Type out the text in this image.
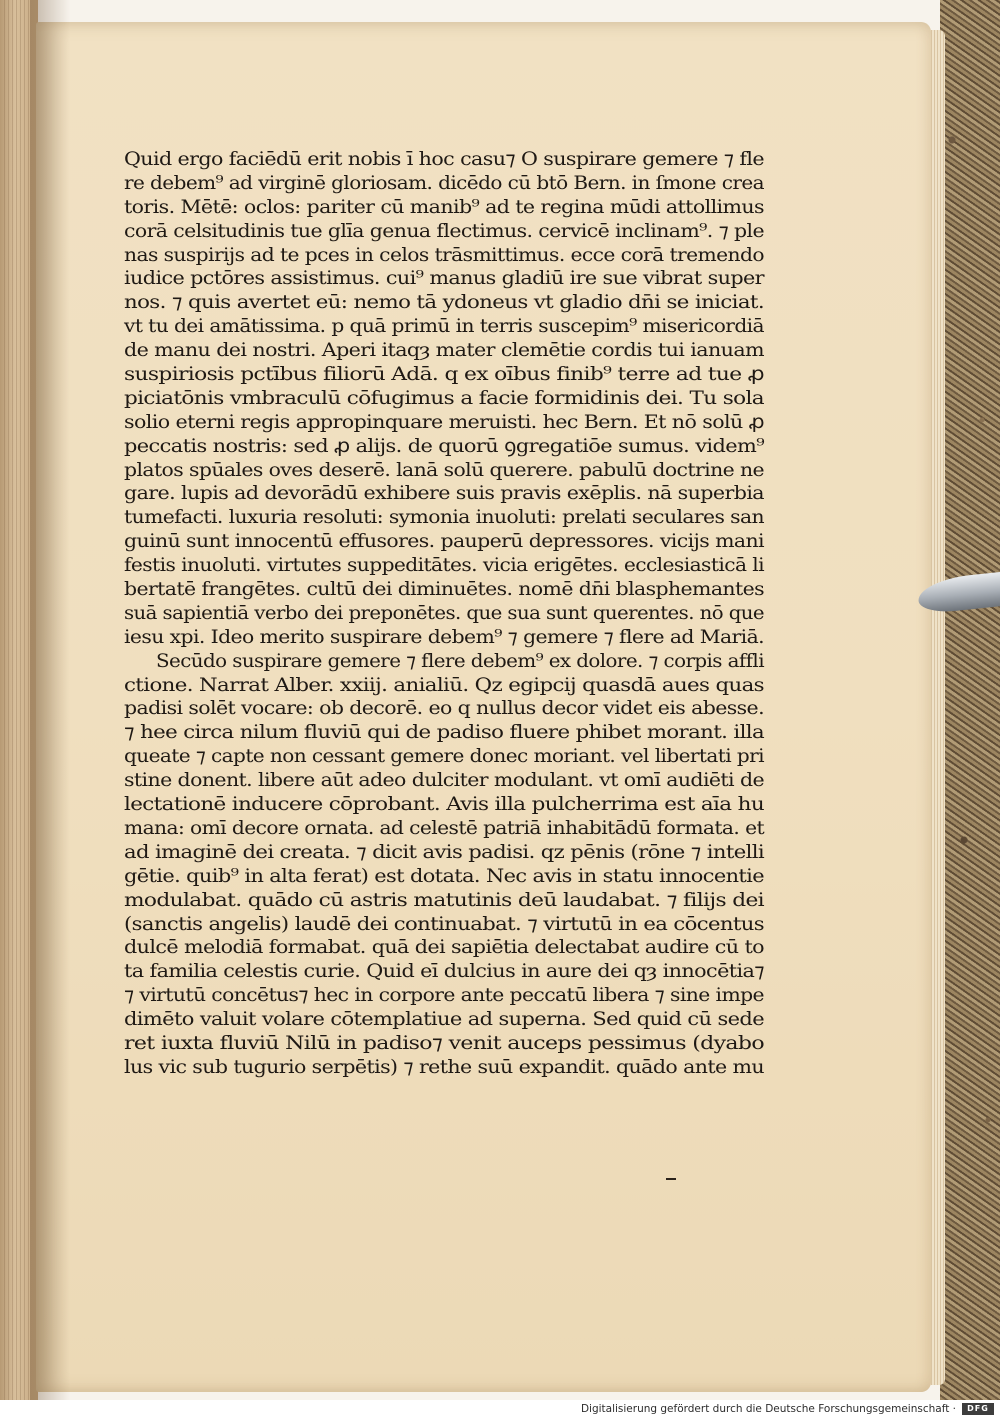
Quid ergo faciēdū erit nobis ī hoc casu⁊ O suspirare gemere ⁊ fle
re debem⁹ ad virginē gloriosam. dicēdo cū btō Bern. in ſmone crea
toris. Mētē: oclos: pariter cū manib⁹ ad te regina mūdi attollimus
corā celsitudinis tue glīa genua flectimus. cervicē inclinam⁹. ⁊ ple
nas suspirijs ad te pces in celos trāsmittimus. ecce corā tremendo
iudice pctōres assistimus. cui⁹ manus gladiū ire sue vibrat super
nos. ⁊ quis avertet eū: nemo tā ydoneus vt gladio dn̄i se iniciat.
vt tu dei amātissima. p quā primū in terris suscepim⁹ misericordiā
de manu dei nostri. Aperi itaqȝ mater clemētie cordis tui ianuam
suspiriosis pctībus filiorū Adā. q ex oībus finib⁹ terre ad tue ꝓ
piciatōnis vmbraculū cōfugimus a facie formidinis dei. Tu sola
solio eterni regis appropinquare meruisti. hec Bern. Et nō solū ꝓ
peccatis nostris: sed ꝓ alijs. de quorū ꝯgregatiōe sumus. videm⁹
platos spūales oves deserē. lanā solū querere. pabulū doctrine ne
gare. lupis ad devorādū exhibere suis pravis exēplis. nā superbia
tumefacti. luxuria resoluti: symonia inuoluti: prelati seculares san
guinū sunt innocentū effusores. pauperū depressores. vicijs mani
festis inuoluti. virtutes suppeditātes. vicia erigētes. ecclesiasticā li
bertatē frangētes. cultū dei diminuētes. nomē dn̄i blasphemantes
suā sapientiā verbo dei preponētes. que sua sunt querentes. nō que
iesu xpi. Ideo merito suspirare debem⁹ ⁊ gemere ⁊ flere ad Mariā.
Secūdo suspirare gemere ⁊ flere debem⁹ ex dolore. ⁊ corpis affli
ctione. Narrat Alber. xxiij. anialiū. Qz egipcij quasdā aues quas
padisi solēt vocare: ob decorē. eo q nullus decor videt eis abesse.
⁊ hee circa nilum fluviū qui de padiso fluere phibet morant. illa
queate ⁊ capte non cessant gemere donec moriant. vel libertati pri
stine donent. libere aūt adeo dulciter modulant. vt omī audiēti de
lectationē inducere cōprobant. Avis illa pulcherrima est aīa hu
mana: omī decore ornata. ad celestē patriā inhabitādū formata. et
ad imaginē dei creata. ⁊ dicit avis padisi. qz pēnis (rōne ⁊ intelli
gētie. quib⁹ in alta ferat) est dotata. Nec avis in statu innocentie
modulabat. quādo cū astris matutinis deū laudabat. ⁊ filijs dei
(sanctis angelis) laudē dei continuabat. ⁊ virtutū in ea cōcentus
dulcē melodiā formabat. quā dei sapiētia delectabat audire cū to
ta familia celestis curie. Quid eī dulcius in aure dei qȝ innocētia⁊
⁊ virtutū concētus⁊ hec in corpore ante peccatū libera ⁊ sine impe
dimēto valuit volare cōtemplatiue ad superna. Sed quid cū sede
ret iuxta fluviū Nilū in padiso⁊ venit auceps pessimus (dyabo
lus vic sub tugurio serpētis) ⁊ rethe suū expandit. quādo ante mu
Digitalisierung gefördert durch die Deutsche Forschungsgemeinschaft ·	DFG
